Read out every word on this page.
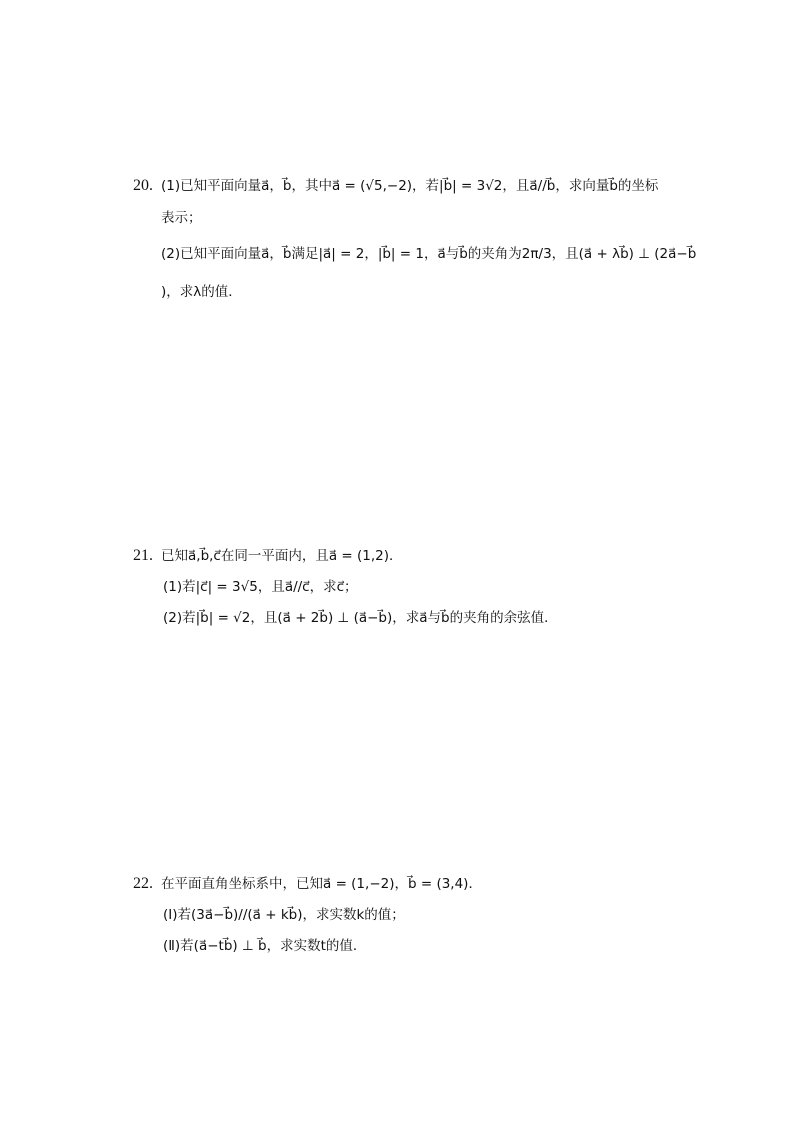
20. (1)已知平面向量a⃗，b⃗，其中a⃗ = (√5,−2)，若|b⃗| = 3√2，且a⃗//b⃗，求向量b⃗的坐标
表示；
(2)已知平面向量a⃗，b⃗满足|a⃗| = 2，|b⃗| = 1，a⃗与b⃗的夹角为2π/3，且(a⃗ + λb⃗) ⊥ (2a⃗−b⃗
)，求λ的值．
21. 已知a⃗,b⃗,c⃗在同一平面内，且a⃗ = (1,2)．
(1)若|c⃗| = 3√5，且a⃗//c⃗，求c⃗；
(2)若|b⃗| = √2，且(a⃗ + 2b⃗) ⊥ (a⃗−b⃗)，求a⃗与b⃗的夹角的余弦值．
22. 在平面直角坐标系中，已知a⃗ = (1,−2)，b⃗ = (3,4)．
(Ⅰ)若(3a⃗−b⃗)//(a⃗ + kb⃗)，求实数k的值；
(Ⅱ)若(a⃗−tb⃗) ⊥ b⃗，求实数t的值．
